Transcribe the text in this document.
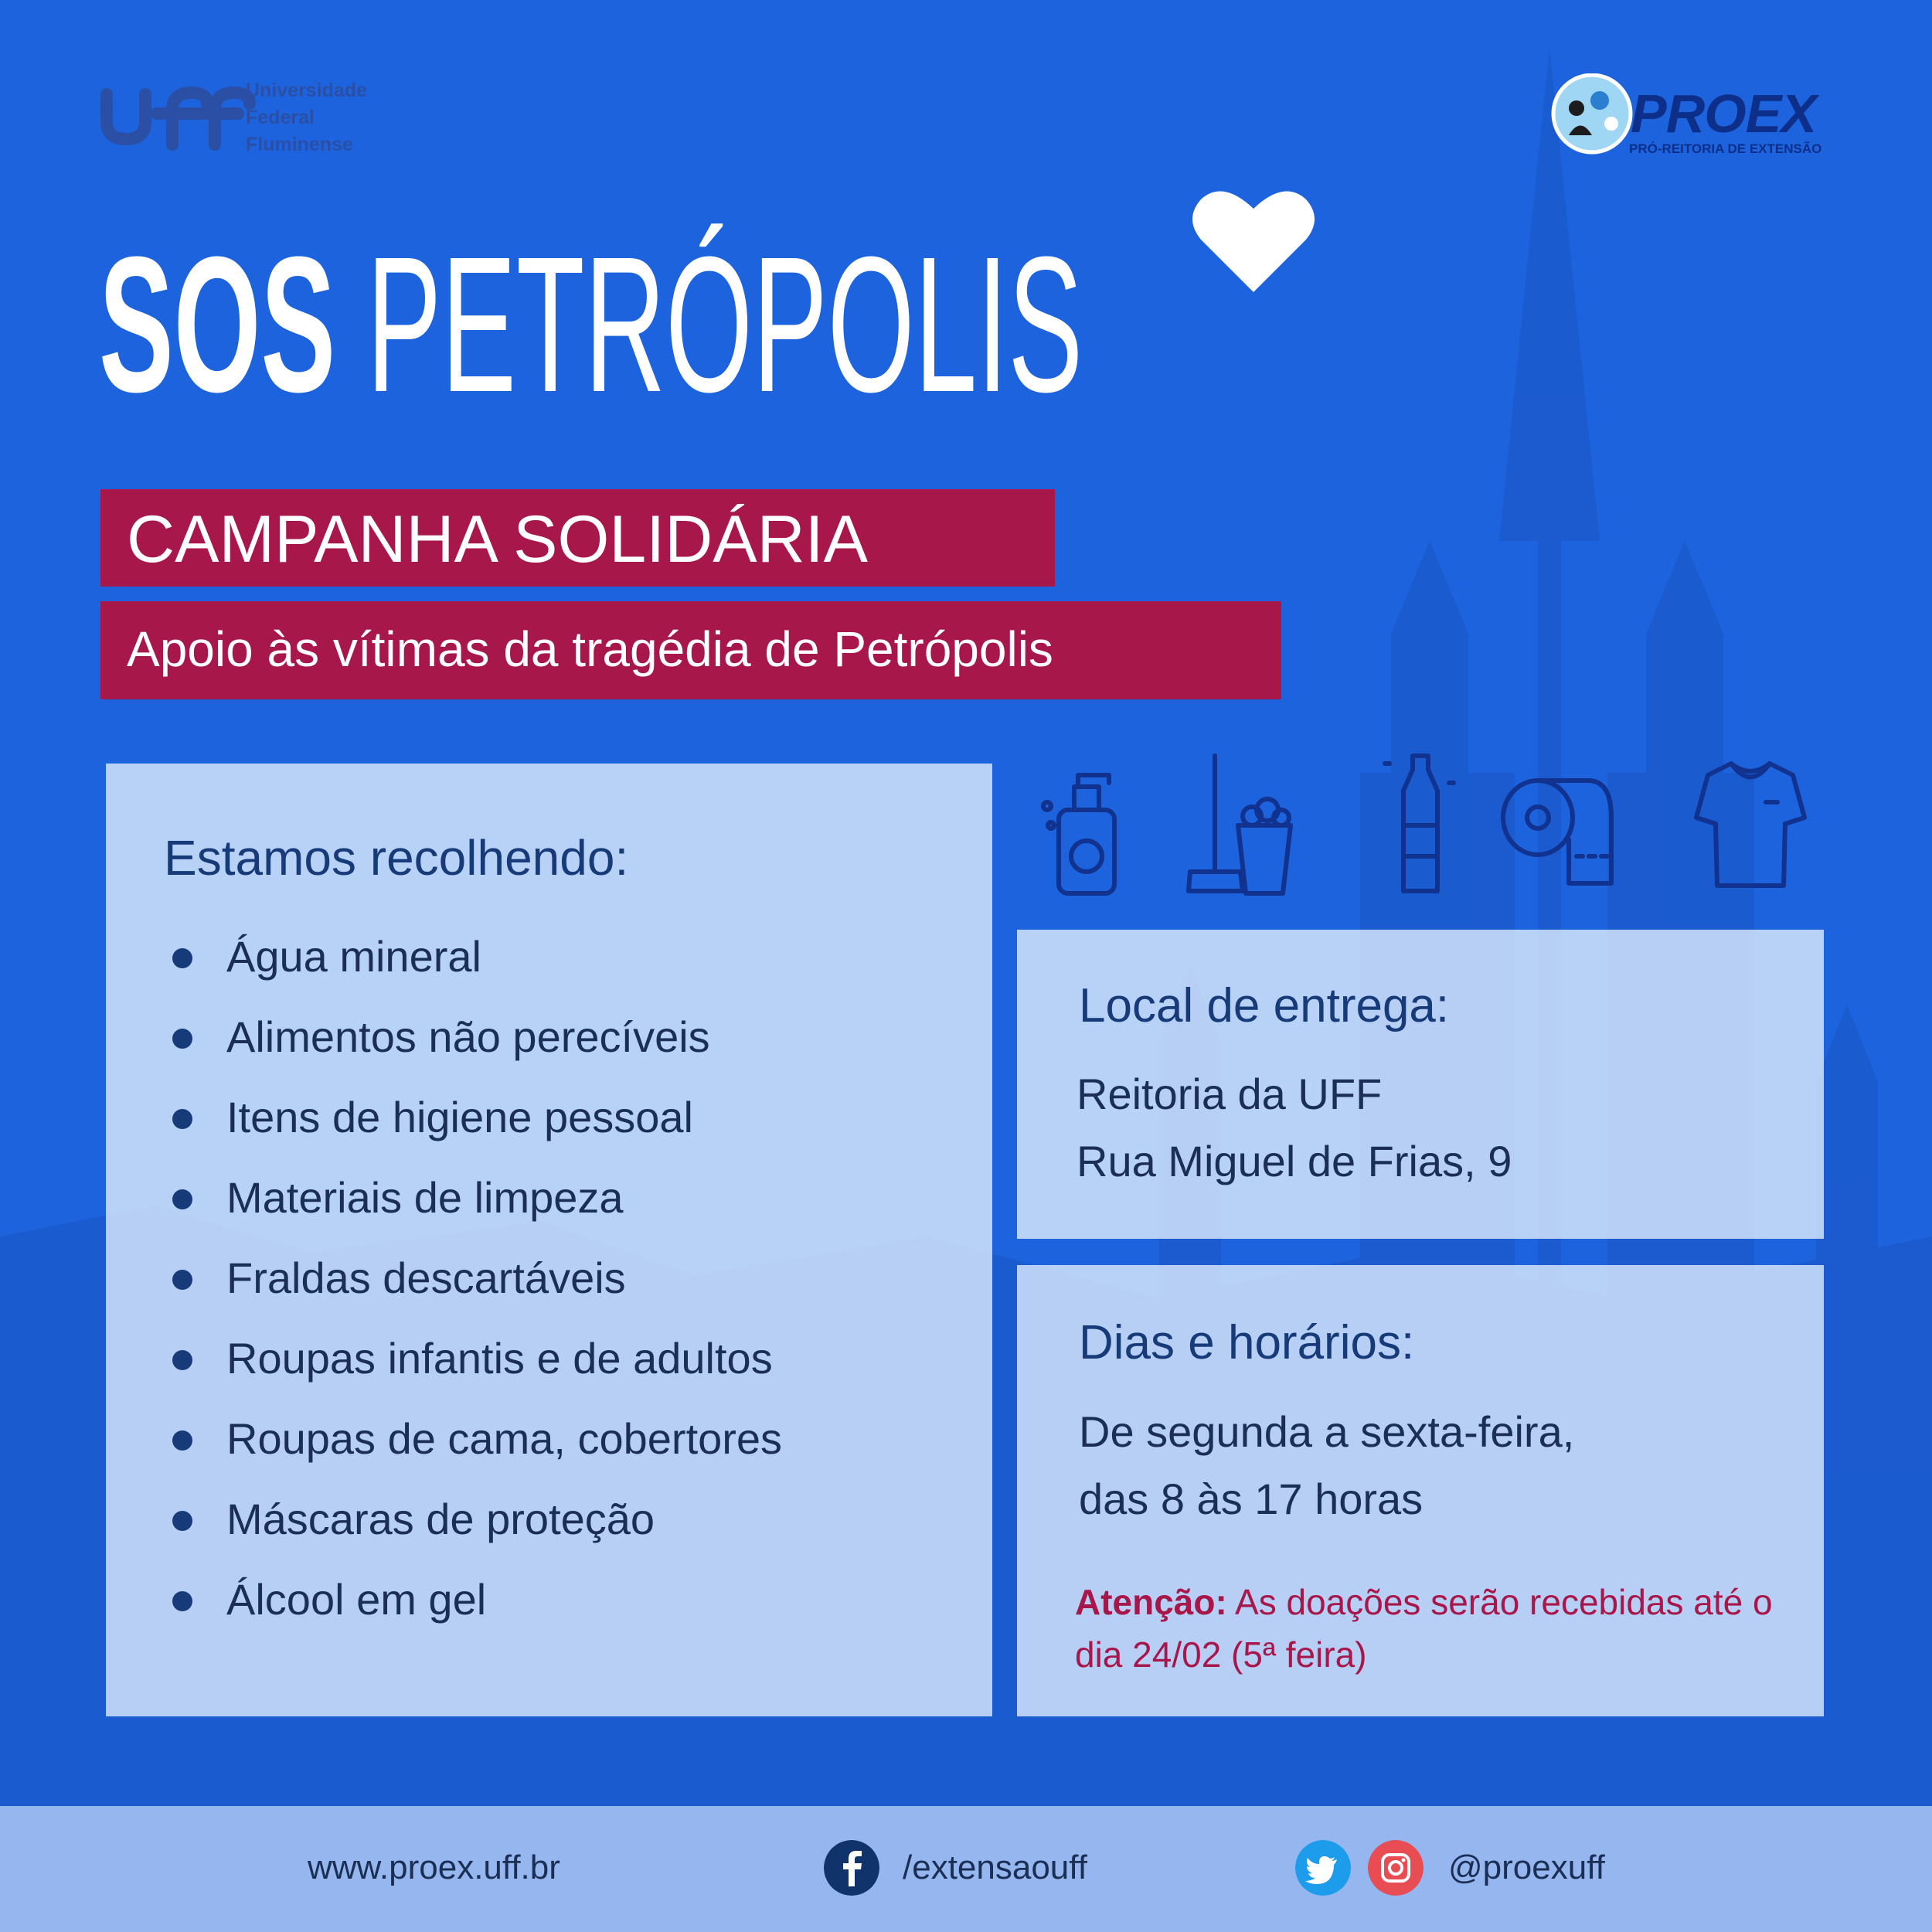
Universidade
Federal
Fluminense
PROEX
PRÓ-REITORIA DE EXTENSÃO
SOS PETRÓPOLIS
CAMPANHA SOLIDÁRIA
Apoio às vítimas da tragédia de Petrópolis
Estamos recolhendo:
Água mineral
Alimentos não perecíveis
Itens de higiene pessoal
Materiais de limpeza
Fraldas descartáveis
Roupas infantis e de adultos
Roupas de cama, cobertores
Máscaras de proteção
Álcool em gel
Local de entrega:
Reitoria da UFF
Rua Miguel de Frias, 9
Dias e horários:
De segunda a sexta-feira,
das 8 às 17 horas
Atenção: As doações serão recebidas até o dia 24/02 (5ª feira)
www.proex.uff.br	/extensaouff	@proexuff
